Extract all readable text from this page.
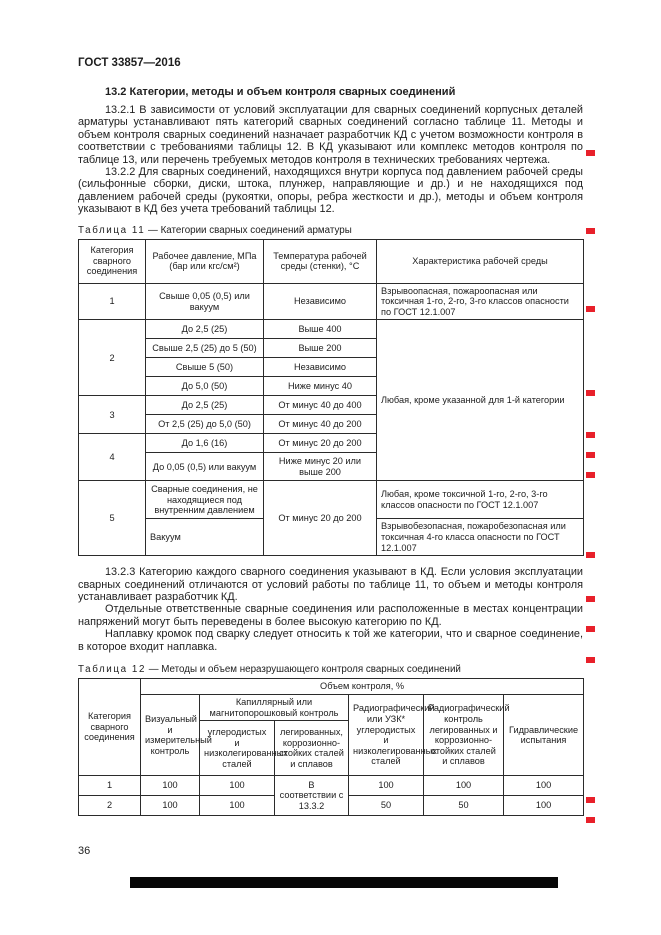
ГОСТ 33857—2016
13.2 Категории, методы и объем контроля сварных соединений

13.2.1 В зависимости от условий эксплуатации для сварных соединений корпусных деталей арматуры устанавливают пять категорий сварных соединений согласно таблице 11. Методы и объем контроля сварных соединений назначает разработчик КД с учетом возможности контроля в соответствии с требованиями таблицы 12. В КД указывают или комплекс методов контроля по таблице 13, или перечень требуемых методов контроля в технических требованиях чертежа.

13.2.2 Для сварных соединений, находящихся внутри корпуса под давлением рабочей среды (сильфонные сборки, диски, штока, плунжер, направляющие и др.) и не находящихся под давлением рабочей среды (рукоятки, опоры, ребра жесткости и др.), методы и объем контроля указывают в КД без учета требований таблицы 12.

Таблица 11 — Категории сварных соединений арматуры
Категория сварного соединения	Рабочее давление, МПа (бар или кгс/см²)	Температура рабочей среды (стенки), °С	Характеристика рабочей среды
1	Свыше 0,05 (0,5) или вакуум	Независимо	Взрывоопасная, пожароопасная или токсичная 1-го, 2-го, 3-го классов опасности по ГОСТ 12.1.007
2	До 2,5 (25)	Выше 400	Любая, кроме указанной для 1-й категории
	Свыше 2,5 (25) до 5 (50)	Выше 200	
	Свыше 5 (50)	Независимо	
	До 5,0 (50)	Ниже минус 40	
3	До 2,5 (25)	От минус 40 до 400	
	От 2,5 (25) до 5,0 (50)	От минус 40 до 200	
4	До 1,6 (16)	От минус 20 до 200	
	До 0,05 (0,5) или вакуум	Ниже минус 20 или выше 200	
5	Сварные соединения, не находящиеся под внутренним давлением	От минус 20 до 200	Любая, кроме токсичной 1-го, 2-го, 3-го классов опасности по ГОСТ 12.1.007
	Вакуум		Взрывобезопасная, пожаробезопасная или токсичная 4-го класса опасности по ГОСТ 12.1.007

13.2.3 Категорию каждого сварного соединения указывают в КД. Если условия эксплуатации сварных соединений отличаются от условий работы по таблице 11, то объем и методы контроля устанавливает разработчик КД.

Отдельные ответственные сварные соединения или расположенные в местах концентрации напряжений могут быть переведены в более высокую категорию по КД.

Наплавку кромок под сварку следует относить к той же категории, что и сварное соединение, в которое входит наплавка.

Таблица 12 — Методы и объем неразрушающего контроля сварных соединений
Категория сварного соединения	Объем контроля, %					
	Визуальный и измерительный контроль	Капиллярный или магнитопорошковый контроль		Радиографический или УЗК* углеродистых и низколегированных сталей	Радиографический контроль легированных и коррозионно-стойких сталей и сплавов	Гидравлические испытания
		углеродистых и низколегированных сталей	легированных, коррозионно-стойких сталей и сплавов			
1	100	100	В соответствии с 13.3.2	100	100	100
2	100	100		50	50	100
36
